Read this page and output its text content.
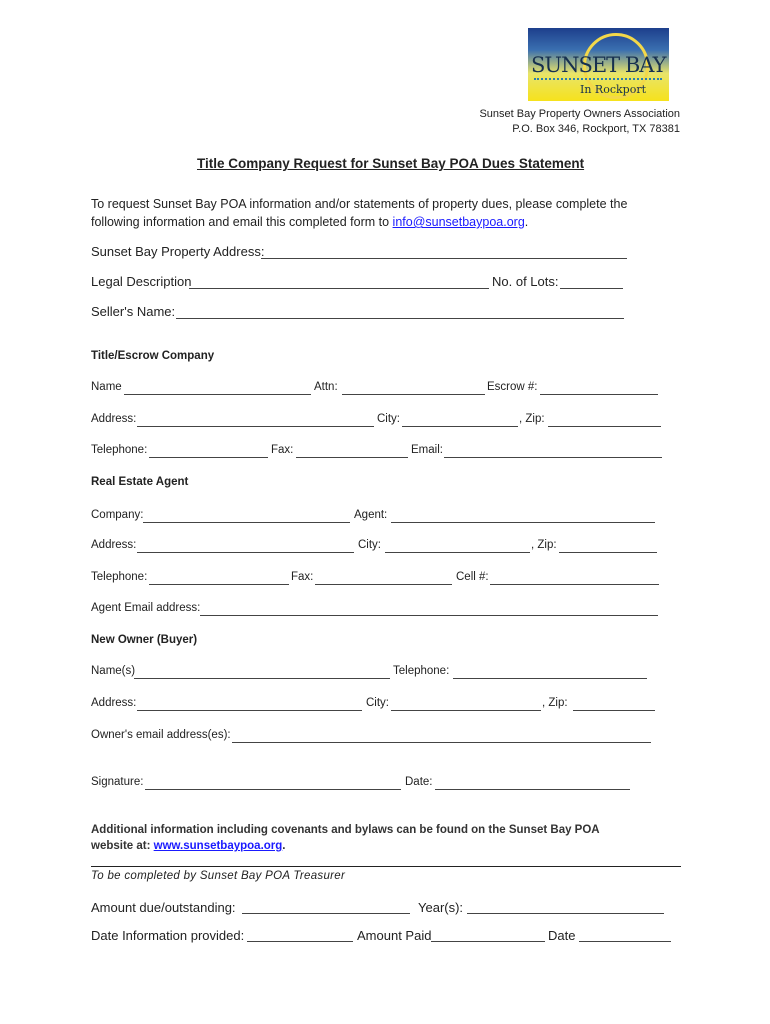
SUNSET BAY
In Rockport
Sunset Bay Property Owners Association
P.O. Box 346, Rockport, TX 78381
Title Company Request for Sunset Bay POA Dues Statement
To request Sunset Bay POA information and/or statements of property dues, please complete the
following information and email this completed form to info@sunsetbaypoa.org.
Sunset Bay Property Address:
Legal Description	No. of Lots:
Seller's Name:
Title/Escrow Company
Name	Attn:	Escrow #:
Address:	City:	, Zip:
Telephone:	Fax:	Email:
Real Estate Agent
Company:	Agent:
Address:	City:	, Zip:
Telephone:	Fax:	Cell #:
Agent Email address:
New Owner (Buyer)
Name(s)	Telephone:
Address:	City:	, Zip:
Owner's email address(es):
Signature:	Date:
Additional information including covenants and bylaws can be found on the Sunset Bay POA
website at: www.sunsetbaypoa.org.
To be completed by Sunset Bay POA Treasurer
Amount due/outstanding:	Year(s):
Date Information provided:	Amount Paid	Date
